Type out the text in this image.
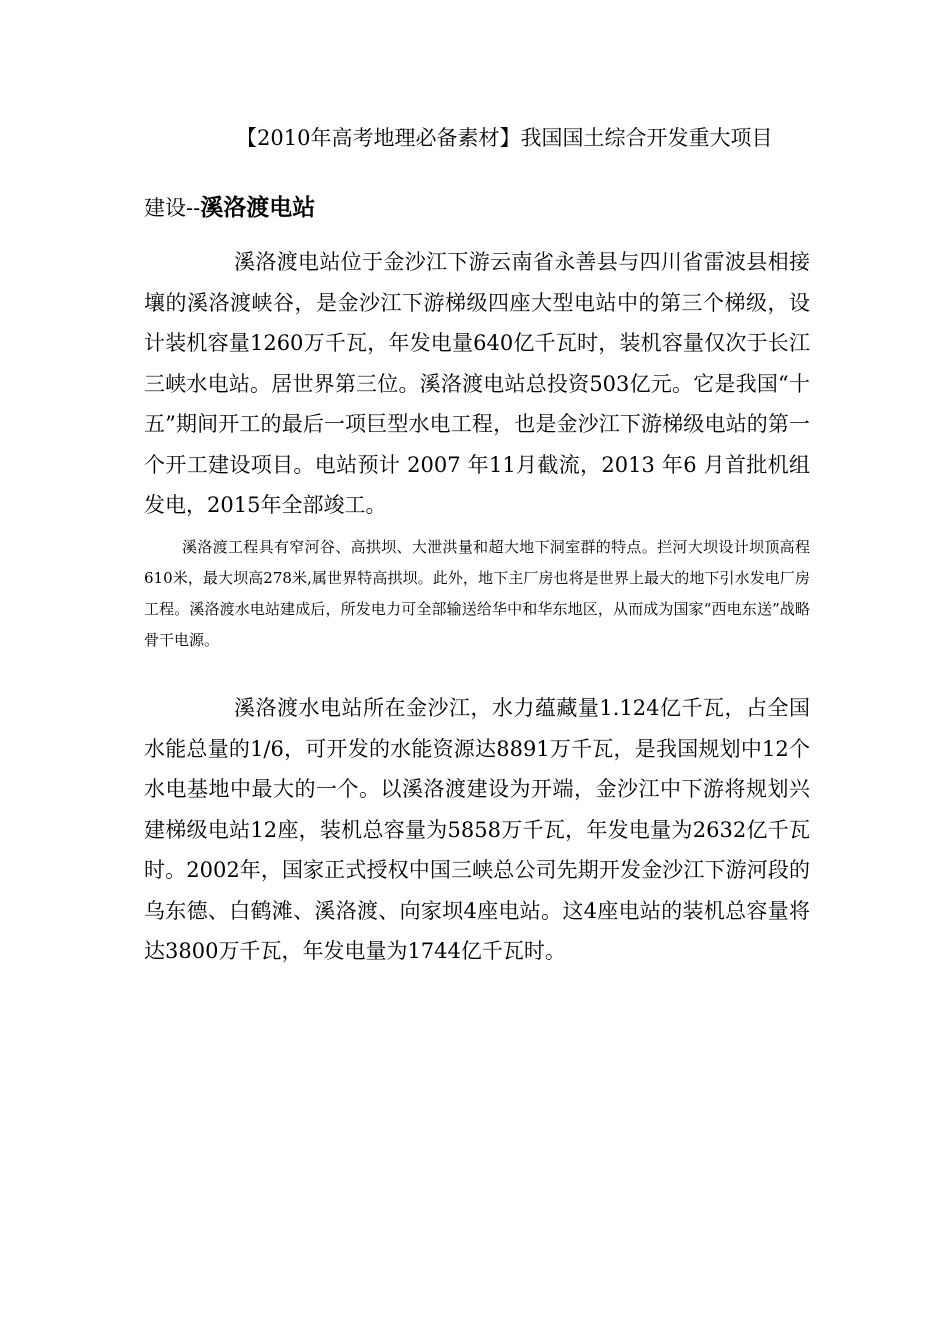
【2010年高考地理必备素材】我国国土综合开发重大项目
建设--溪洛渡电站

溪洛渡电站位于金沙江下游云南省永善县与四川省雷波县相接壤的溪洛渡峡谷，是金沙江下游梯级四座大型电站中的第三个梯级，设计装机容量1260万千瓦，年发电量640亿千瓦时，装机容量仅次于长江三峡水电站。居世界第三位。溪洛渡电站总投资503亿元。它是我国“十五”期间开工的最后一项巨型水电工程，也是金沙江下游梯级电站的第一个开工建设项目。电站预计 2007 年11月截流，2013 年6 月首批机组发电，2015年全部竣工。

溪洛渡工程具有窄河谷、高拱坝、大泄洪量和超大地下洞室群的特点。拦河大坝设计坝顶高程610米，最大坝高278米,属世界特高拱坝。此外，地下主厂房也将是世界上最大的地下引水发电厂房工程。溪洛渡水电站建成后，所发电力可全部输送给华中和华东地区，从而成为国家“西电东送”战略骨干电源。

溪洛渡水电站所在金沙江，水力蕴藏量1.124亿千瓦，占全国水能总量的1/6，可开发的水能资源达8891万千瓦，是我国规划中12个水电基地中最大的一个。以溪洛渡建设为开端，金沙江中下游将规划兴建梯级电站12座，装机总容量为5858万千瓦，年发电量为2632亿千瓦时。2002年，国家正式授权中国三峡总公司先期开发金沙江下游河段的乌东德、白鹤滩、溪洛渡、向家坝4座电站。这4座电站的装机总容量将达3800万千瓦，年发电量为1744亿千瓦时。
